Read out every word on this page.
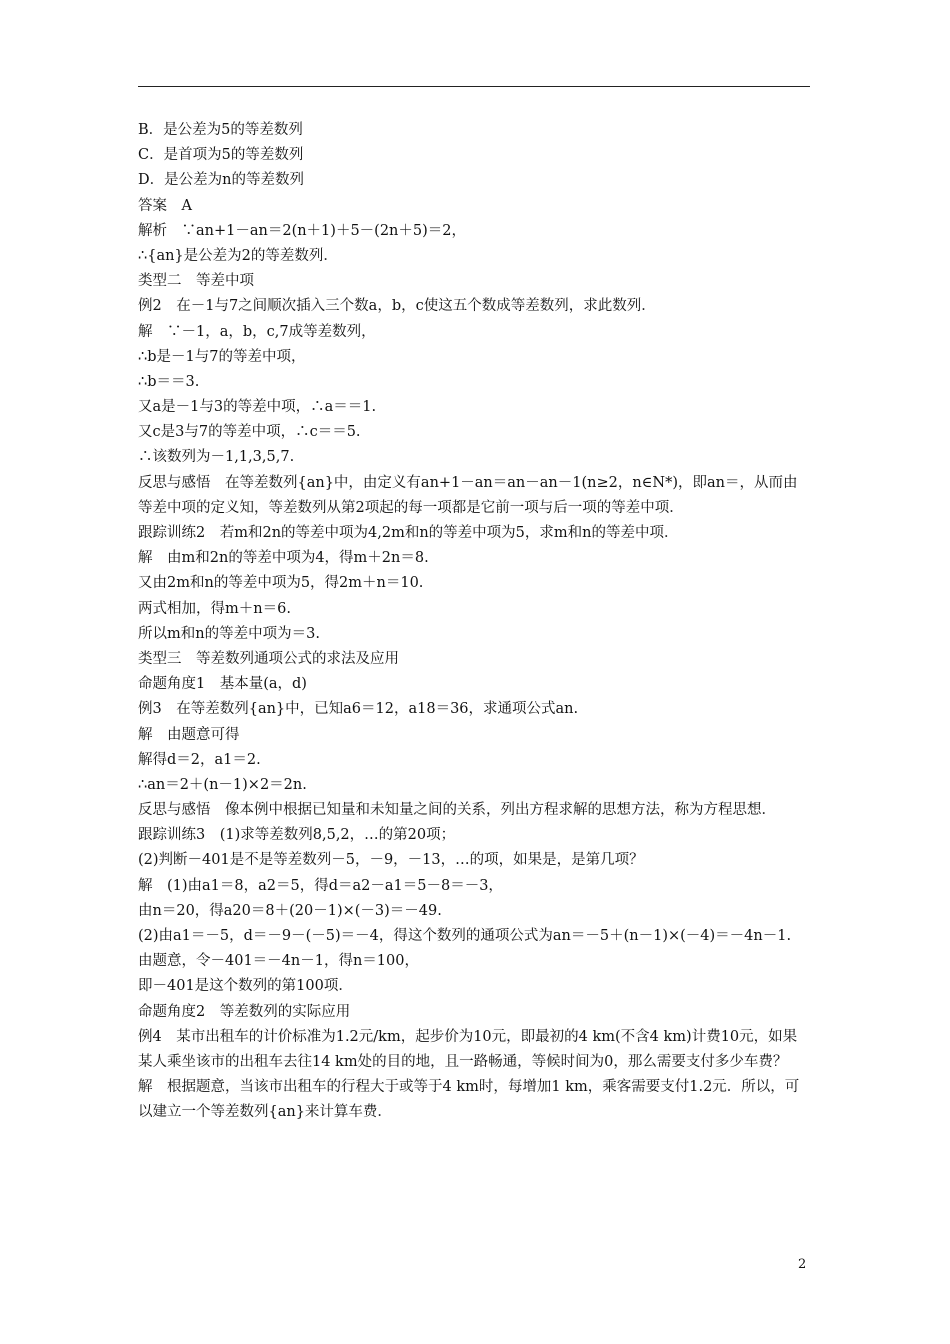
B．是公差为5的等差数列
C．是首项为5的等差数列
D．是公差为n的等差数列
答案　A
解析　∵an+1－an＝2(n＋1)＋5－(2n＋5)＝2，
∴{an}是公差为2的等差数列．
类型二　等差中项
例2　在－1与7之间顺次插入三个数a，b，c使这五个数成等差数列，求此数列．
解　∵－1，a，b，c,7成等差数列，
∴b是－1与7的等差中项，
∴b＝＝3.
又a是－1与3的等差中项，∴a＝＝1.
又c是3与7的等差中项，∴c＝＝5.
∴该数列为－1,1,3,5,7.
反思与感悟　在等差数列{an}中，由定义有an+1－an＝an－an－1(n≥2，n∈N*)，即an＝，从而由等差中项的定义知，等差数列从第2项起的每一项都是它前一项与后一项的等差中项．
跟踪训练2　若m和2n的等差中项为4,2m和n的等差中项为5，求m和n的等差中项．
解　由m和2n的等差中项为4，得m＋2n＝8.
又由2m和n的等差中项为5，得2m＋n＝10.
两式相加，得m＋n＝6.
所以m和n的等差中项为＝3.
类型三　等差数列通项公式的求法及应用
命题角度1　基本量(a，d)
例3　在等差数列{an}中，已知a6＝12，a18＝36，求通项公式an.
解　由题意可得
解得d＝2，a1＝2.
∴an＝2＋(n－1)×2＝2n.
反思与感悟　像本例中根据已知量和未知量之间的关系，列出方程求解的思想方法，称为方程思想．
跟踪训练3　(1)求等差数列8,5,2，…的第20项；
(2)判断－401是不是等差数列－5，－9，－13，…的项，如果是，是第几项？
解　(1)由a1＝8，a2＝5，得d＝a2－a1＝5－8＝－3，
由n＝20，得a20＝8＋(20－1)×(－3)＝－49.
(2)由a1＝－5，d＝－9－(－5)＝－4，得这个数列的通项公式为an＝－5＋(n－1)×(－4)＝－4n－1.
由题意，令－401＝－4n－1，得n＝100，
即－401是这个数列的第100项．
命题角度2　等差数列的实际应用
例4　某市出租车的计价标准为1.2元/km，起步价为10元，即最初的4 km(不含4 km)计费10元，如果某人乘坐该市的出租车去往14 km处的目的地，且一路畅通，等候时间为0，那么需要支付多少车费？
解　根据题意，当该市出租车的行程大于或等于4 km时，每增加1 km，乘客需要支付1.2元．所以，可以建立一个等差数列{an}来计算车费．
2
